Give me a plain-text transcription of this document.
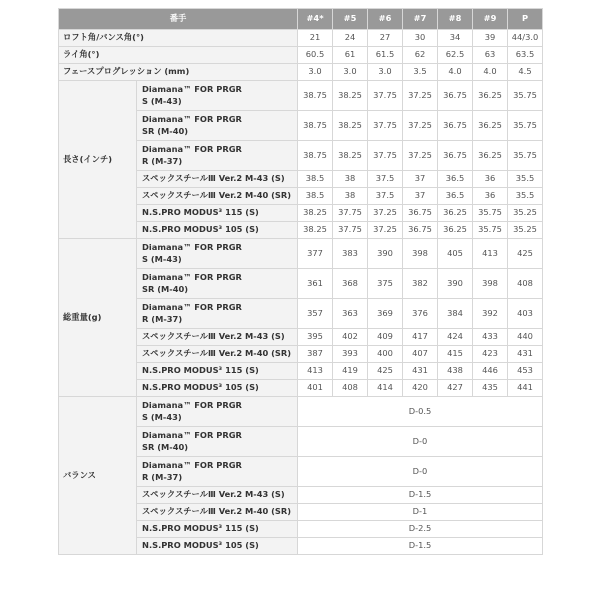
番手		#4*	#5	#6	#7	#8	#9	P
ロフト角/バンス角(°)		21	24	27	30	34	39	44/3.0
ライ角(°)		60.5	61	61.5	62	62.5	63	63.5
フェースプログレッション (mm)		3.0	3.0	3.0	3.5	4.0	4.0	4.5
長さ(インチ)	Diamana™ FOR PRGR
S (M-43)	38.75	38.25	37.75	37.25	36.75	36.25	35.75

	Diamana™ FOR PRGR
SR (M-40)	38.75	38.25	37.75	37.25	36.75	36.25	35.75

	Diamana™ FOR PRGR
R (M-37)	38.75	38.25	37.75	37.25	36.75	36.25	35.75
	スペックスチールⅢ Ver.2 M-43 (S)	38.5	38	37.5	37	36.5	36	35.5
	スペックスチールⅢ Ver.2 M-40 (SR)	38.5	38	37.5	37	36.5	36	35.5
	N.S.PRO MODUS³ 115 (S)	38.25	37.75	37.25	36.75	36.25	35.75	35.25
	N.S.PRO MODUS³ 105 (S)	38.25	37.75	37.25	36.75	36.25	35.75	35.25
総重量(g)	Diamana™ FOR PRGR
S (M-43)	377	383	390	398	405	413	425

	Diamana™ FOR PRGR
SR (M-40)	361	368	375	382	390	398	408

	Diamana™ FOR PRGR
R (M-37)	357	363	369	376	384	392	403
	スペックスチールⅢ Ver.2 M-43 (S)	395	402	409	417	424	433	440
	スペックスチールⅢ Ver.2 M-40 (SR)	387	393	400	407	415	423	431
	N.S.PRO MODUS³ 115 (S)	413	419	425	431	438	446	453
	N.S.PRO MODUS³ 105 (S)	401	408	414	420	427	435	441
バランス	Diamana™ FOR PRGR
S (M-43)	D-0.5						

	Diamana™ FOR PRGR
SR (M-40)	D-0						

	Diamana™ FOR PRGR
R (M-37)	D-0						
	スペックスチールⅢ Ver.2 M-43 (S)	D-1.5						
	スペックスチールⅢ Ver.2 M-40 (SR)	D-1						
	N.S.PRO MODUS³ 115 (S)	D-2.5						
	N.S.PRO MODUS³ 105 (S)	D-1.5						
